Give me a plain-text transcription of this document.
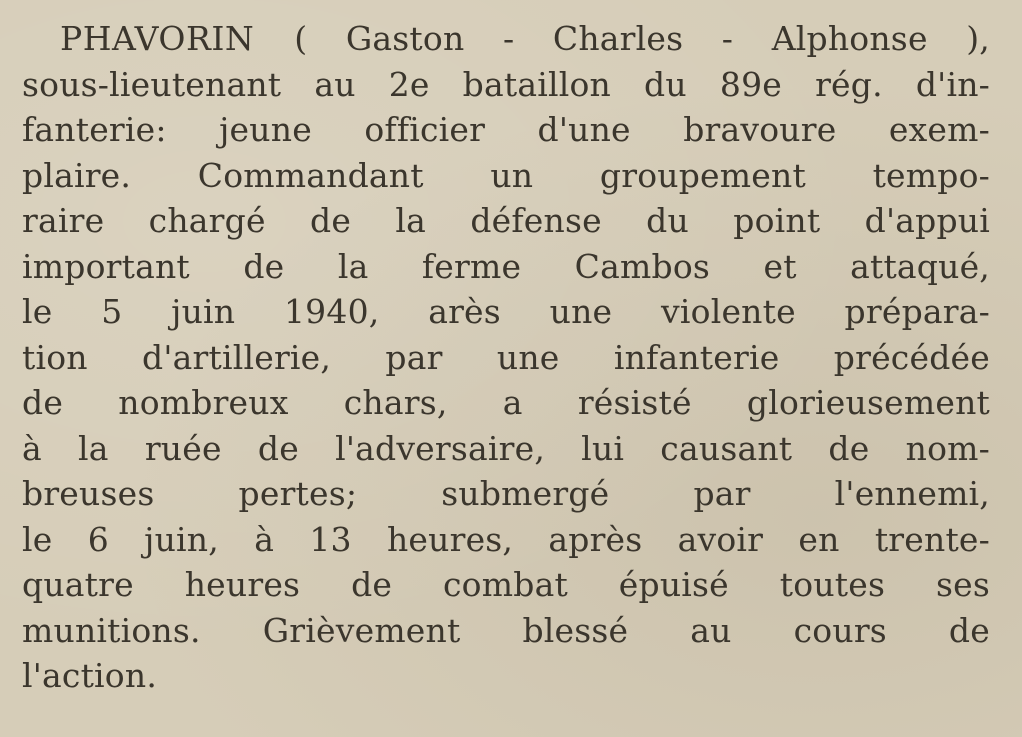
PHAVORIN ( Gaston - Charles - Alphonse ),
sous-lieutenant au 2e bataillon du 89e rég. d'in-
fanterie: jeune officier d'une bravoure exem-
plaire. Commandant un groupement tempo-
raire chargé de la défense du point d'appui
important de la ferme Cambos et attaqué,
le 5 juin 1940, arès une violente prépara-
tion d'artillerie, par une infanterie précédée
de nombreux chars, a résisté glorieusement
à la ruée de l'adversaire, lui causant de nom-
breuses pertes; submergé par l'ennemi,
le 6 juin, à 13 heures, après avoir en trente-
quatre heures de combat épuisé toutes ses
munitions. Grièvement blessé au cours de
l'action.
